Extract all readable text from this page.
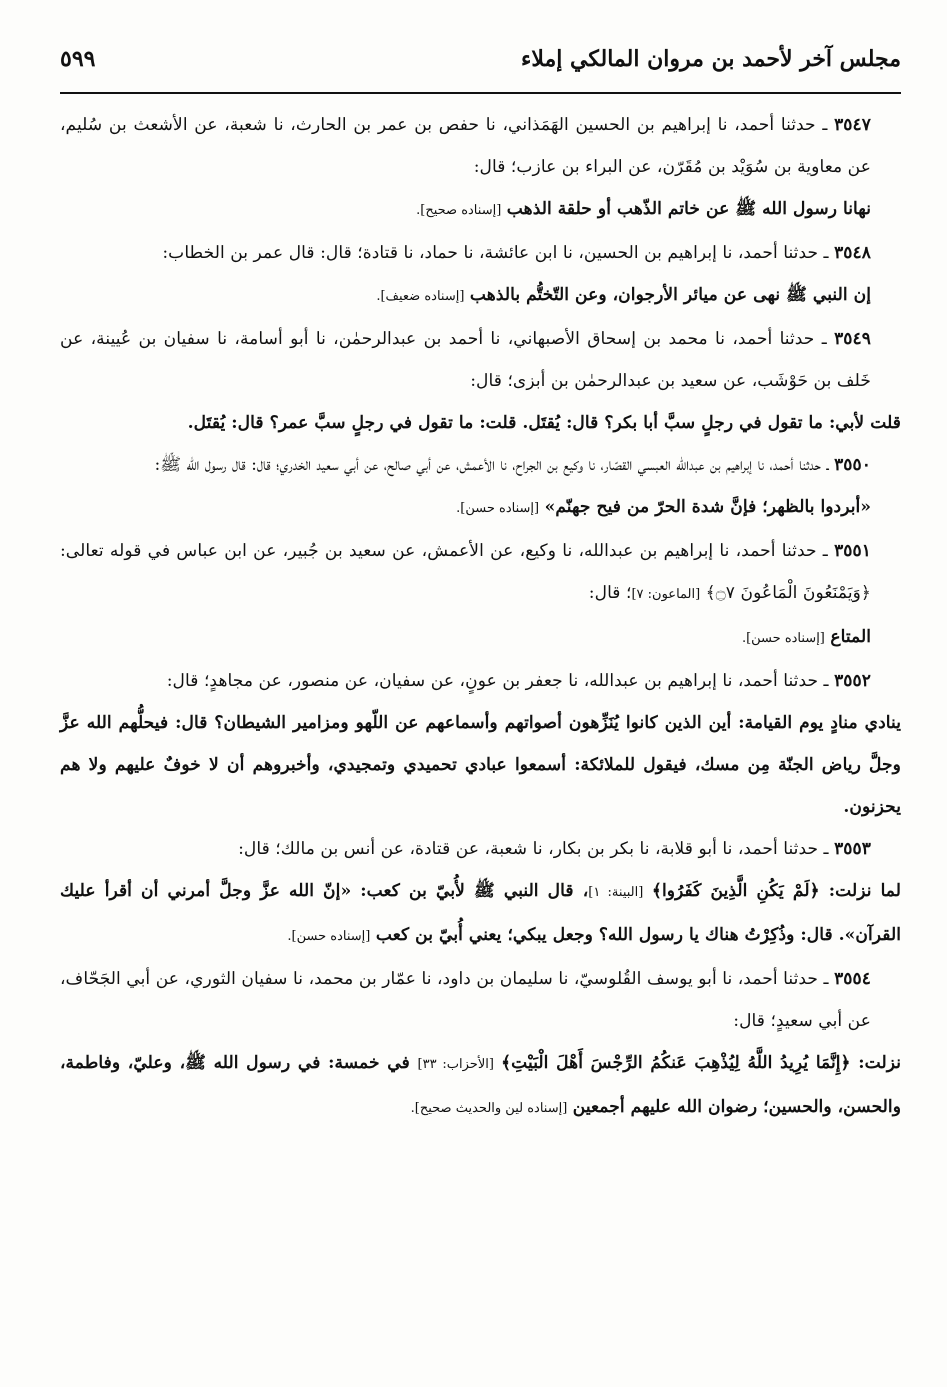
مجلس آخر لأحمد بن مروان المالكي إملاء
٥٩٩

٣٥٤٧ ـ حدثنا أحمد، نا إبراهيم بن الحسين الهَمَذاني، نا حفص بن عمر بن الحارث، نا شعبة، عن الأشعث بن سُليم، عن معاوية بن سُوَيْد بن مُقَرّن، عن البراء بن عازب؛ قال:

نهانا رسول الله ﷺ عن خاتم الذّهب أو حلقة الذهب [إسناده صحيح].

٣٥٤٨ ـ حدثنا أحمد، نا إبراهيم بن الحسين، نا ابن عائشة، نا حماد، نا قتادة؛ قال: قال عمر بن الخطاب:

إن النبي ﷺ نهى عن ميائر الأرجوان، وعن التّختُّم بالذهب [إسناده ضعيف].

٣٥٤٩ ـ حدثنا أحمد، نا محمد بن إسحاق الأصبهاني، نا أحمد بن عبدالرحمٰن، نا أبو أسامة، نا سفيان بن عُيينة، عن خَلف بن حَوْشَب، عن سعيد بن عبدالرحمٰن بن أبزى؛ قال:

قلت لأبي: ما تقول في رجلٍ سبَّ أبا بكر؟ قال: يُقتَل. قلت: ما تقول في رجلٍ سبَّ عمر؟ قال: يُقتَل.

٣٥٥٠ ـ حدثنا أحمد، نا إبراهيم بن عبدالله العبسي القصّار، نا وكيع بن الجراح، نا الأعمش، عن أبي صالح، عن أبي سعيد الخدري؛ قال: قال رسول الله ﷺ:

«أبردوا بالظهر؛ فإنَّ شدة الحرّ من فيح جهنّم» [إسناده حسن].

٣٥٥١ ـ حدثنا أحمد، نا إبراهيم بن عبدالله، نا وكيع، عن الأعمش، عن سعيد بن جُبير، عن ابن عباس في قوله تعالى: ﴿وَيَمْنَعُونَ الْمَاعُونَ ۝٧﴾ [الماعون: ٧]؛ قال:

المتاع [إسناده حسن].

٣٥٥٢ ـ حدثنا أحمد، نا إبراهيم بن عبدالله، نا جعفر بن عونٍ، عن سفيان، عن منصور، عن مجاهدٍ؛ قال:

ينادي منادٍ يوم القيامة: أين الذين كانوا يُنَزِّهون أصواتهم وأسماعهم عن اللّهو ومزامير الشيطان؟ قال: فيحلُّهم الله عزَّ وجلَّ رياض الجنّة مِن مسك، فيقول للملائكة: أسمعوا عبادي تحميدي وتمجيدي، وأخبروهم أن لا خوفٌ عليهم ولا هم يحزنون.

٣٥٥٣ ـ حدثنا أحمد، نا أبو قلابة، نا بكر بن بكار، نا شعبة، عن قتادة، عن أنس بن مالك؛ قال:

لما نزلت: ﴿لَمْ يَكُنِ الَّذِينَ كَفَرُوا﴾ [البينة: ١]، قال النبي ﷺ لأُبيّ بن كعب: «إنّ الله عزَّ وجلَّ أمرني أن أقرأ عليك القرآن». قال: وذُكِرْتُ هناك يا رسول الله؟ وجعل يبكي؛ يعني أُبيّ بن كعب [إسناده حسن].

٣٥٥٤ ـ حدثنا أحمد، نا أبو يوسف القُلوسيّ، نا سليمان بن داود، نا عمّار بن محمد، نا سفيان الثوري، عن أبي الجَحّاف، عن أبي سعيدٍ؛ قال:

نزلت: ﴿إِنَّمَا يُرِيدُ اللَّهُ لِيُذْهِبَ عَنكُمُ الرِّجْسَ أَهْلَ الْبَيْتِ﴾ [الأحزاب: ٣٣] في خمسة: في رسول الله ﷺ، وعليّ، وفاطمة، والحسن، والحسين؛ رضوان الله عليهم أجمعين [إسناده لين والحديث صحيح].
